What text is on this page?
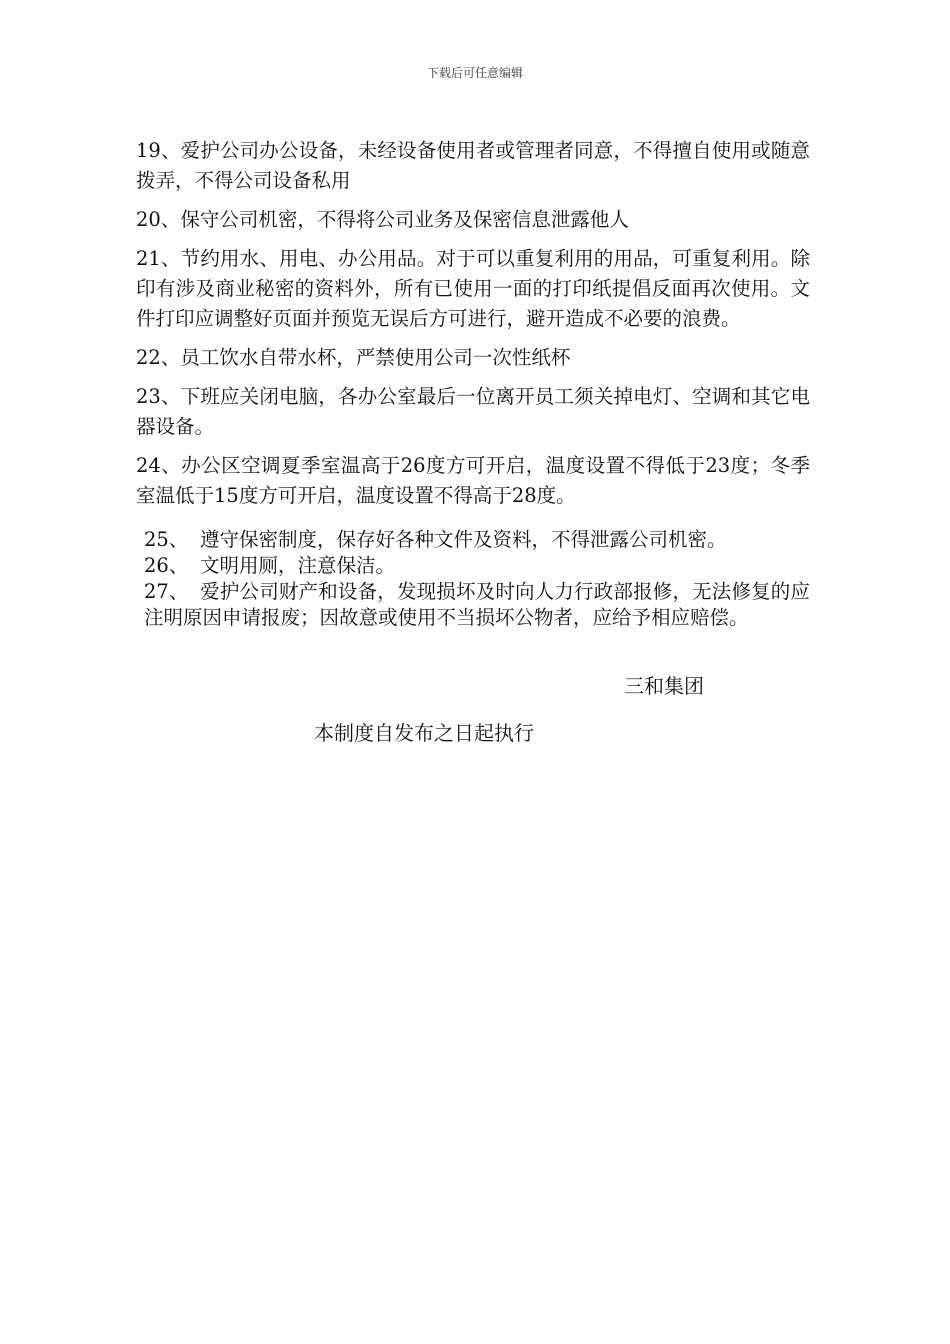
下载后可任意编辑

19、爱护公司办公设备，未经设备使用者或管理者同意，不得擅自使用或随意拨弄，不得公司设备私用

20、保守公司机密，不得将公司业务及保密信息泄露他人

21、节约用水、用电、办公用品。对于可以重复利用的用品，可重复利用。除印有涉及商业秘密的资料外，所有已使用一面的打印纸提倡反面再次使用。文件打印应调整好页面并预览无误后方可进行，避开造成不必要的浪费。

22、员工饮水自带水杯，严禁使用公司一次性纸杯

23、下班应关闭电脑，各办公室最后一位离开员工须关掉电灯、空调和其它电器设备。

24、办公区空调夏季室温高于26度方可开启，温度设置不得低于23度；冬季室温低于15度方可开启，温度设置不得高于28度。

25、 遵守保密制度，保存好各种文件及资料，不得泄露公司机密。
26、 文明用厕，注意保洁。
27、 爱护公司财产和设备，发现损坏及时向人力行政部报修，无法修复的应注明原因申请报废；因故意或使用不当损坏公物者，应给予相应赔偿。
三和集团
本制度自发布之日起执行
